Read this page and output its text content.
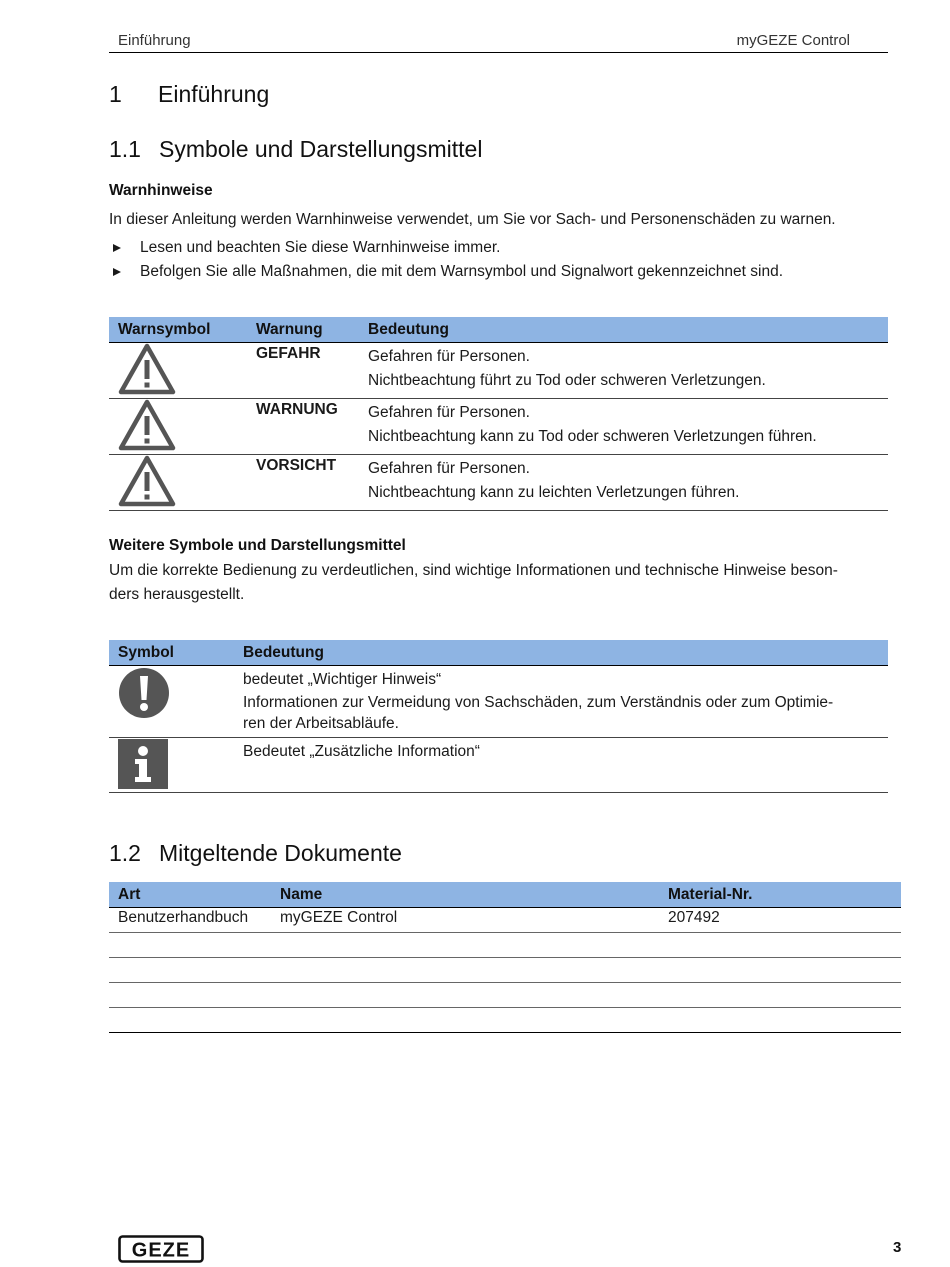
Einführung	myGEZE Control
1 Einführung
1.1 Symbole und Darstellungsmittel
Warnhinweise
In dieser Anleitung werden Warnhinweise verwendet, um Sie vor Sach- und Personenschäden zu warnen.
Lesen und beachten Sie diese Warnhinweise immer.
Befolgen Sie alle Maßnahmen, die mit dem Warnsymbol und Signalwort gekennzeichnet sind.
Warnsymbol	Warnung	Bedeutung

	GEFAHR	Gefahren für Personen.
Nichtbeachtung führt zu Tod oder schweren Verletzungen.

	WARNUNG	Gefahren für Personen.
Nichtbeachtung kann zu Tod oder schweren Verletzungen führen.

	VORSICHT	Gefahren für Personen.
Nichtbeachtung kann zu leichten Verletzungen führen.
Weitere Symbole und Darstellungsmittel
Um die korrekte Bedienung zu verdeutlichen, sind wichtige Informationen und technische Hinweise beson-
ders herausgestellt.
Symbol	Bedeutung

bedeutet „Wichtiger Hinweis“
Informationen zur Vermeidung von Sachschäden, zum Verständnis oder zum Optimie-
ren der Arbeitsabläufe.

Bedeutet „Zusätzliche Information“
1.2 Mitgeltende Dokumente
Art	Name	Material-Nr.
Benutzerhandbuch	myGEZE Control	207492

GEZE	3
